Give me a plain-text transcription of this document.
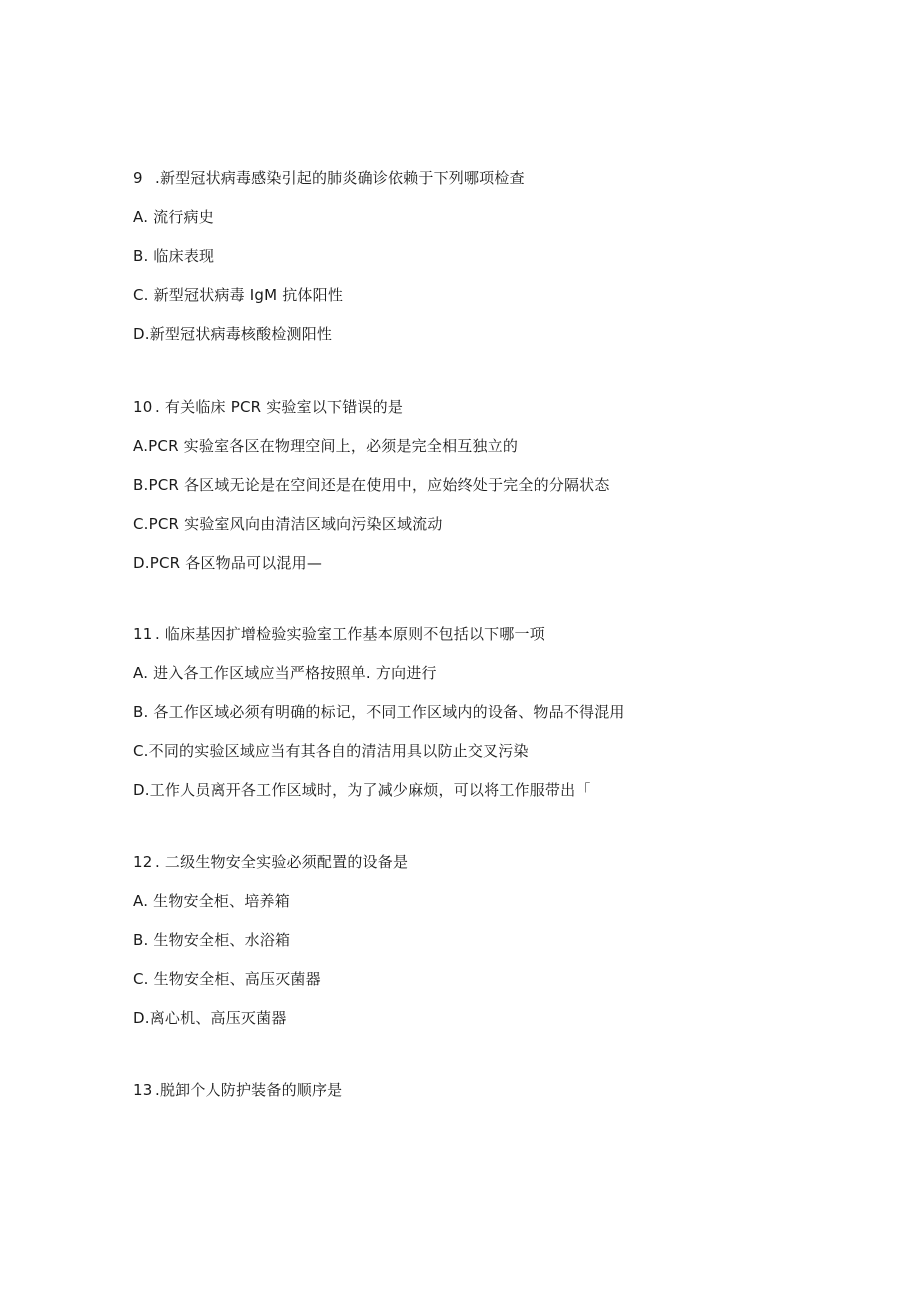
9 .新型冠状病毒感染引起的肺炎确诊依赖于下列哪项检查
A. 流行病史
B. 临床表现
C. 新型冠状病毒 IgM 抗体阳性
D.新型冠状病毒核酸检测阳性
10 . 有关临床 PCR 实验室以下错误的是
A.PCR 实验室各区在物理空间上，必须是完全相互独立的
B.PCR 各区域无论是在空间还是在使用中，应始终处于完全的分隔状态
C.PCR 实验室风向由清洁区域向污染区域流动
D.PCR 各区物品可以混用—
11 . 临床基因扩增检验实验室工作基本原则不包括以下哪一项
A. 进入各工作区域应当严格按照单. 方向进行
B. 各工作区域必须有明确的标记，不同工作区域内的设备、物品不得混用
C.不同的实验区域应当有其各自的清洁用具以防止交叉污染
D.工作人员离开各工作区域时，为了减少麻烦，可以将工作服带出「
12 . 二级生物安全实验必须配置的设备是
A. 生物安全柜、培养箱
B. 生物安全柜、水浴箱
C. 生物安全柜、高压灭菌器
D.离心机、高压灭菌器
13 .脱卸个人防护装备的顺序是
